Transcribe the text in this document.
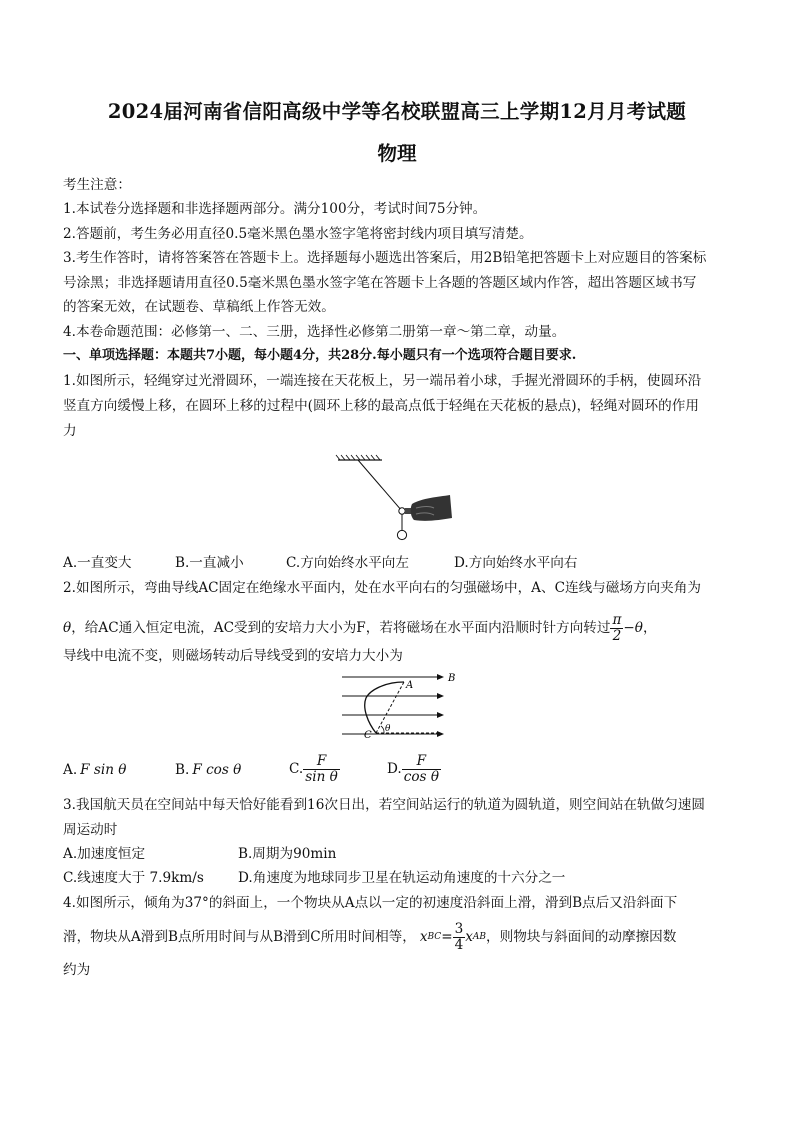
2024届河南省信阳高级中学等名校联盟高三上学期12月月考试题
物理
考生注意：
1.本试卷分选择题和非选择题两部分。满分100分，考试时间75分钟。
2.答题前，考生务必用直径0.5毫米黑色墨水签字笔将密封线内项目填写清楚。
3.考生作答时，请将答案答在答题卡上。选择题每小题选出答案后，用2B铅笔把答题卡上对应题目的答案标
号涂黑；非选择题请用直径0.5毫米黑色墨水签字笔在答题卡上各题的答题区域内作答，超出答题区域书写
的答案无效，在试题卷、草稿纸上作答无效。
4.本卷命题范围：必修第一、二、三册，选择性必修第二册第一章～第二章，动量。
一、单项选择题：本题共7小题，每小题4分，共28分.每小题只有一个选项符合题目要求.
1.如图所示，轻绳穿过光滑圆环，一端连接在天花板上，另一端吊着小球，手握光滑圆环的手柄，使圆环沿
竖直方向缓慢上移，在圆环上移的过程中(圆环上移的最高点低于轻绳在天花板的悬点)，轻绳对圆环的作用
力
A.一直变大	B.一直减小	C.方向始终水平向左	D.方向始终水平向右
2.如图所示，弯曲导线AC固定在绝缘水平面内，处在水平向右的匀强磁场中，A、C连线与磁场方向夹角为
θ ，给AC通入恒定电流，AC受到的安培力大小为F，若将磁场在水平面内沿顺时针方向转过 $\frac{\pi}{2} -\theta$ ，
导线中电流不变，则磁场转动后导线受到的安培力大小为
B
A
C
θ
A. F sin θ	B. F cos θ	C. $\frac{F}{\text{sin θ}}$	D. $\frac{F}{\text{cos θ}}$
3.我国航天员在空间站中每天恰好能看到16次日出，若空间站运行的轨道为圆轨道，则空间站在轨做匀速圆
周运动时
A.加速度恒定	B.周期为90min
C.线速度大于 7.9km/s	D.角速度为地球同步卫星在轨运动角速度的十六分之一
4.如图所示，倾角为37°的斜面上，一个物块从A点以一定的初速度沿斜面上滑，滑到B点后又沿斜面下
滑，物块从A滑到B点所用时间与从B滑到C所用时间相等， x BC = $\frac{3}{4}$ x AB ，则物块与斜面间的动摩擦因数
约为
